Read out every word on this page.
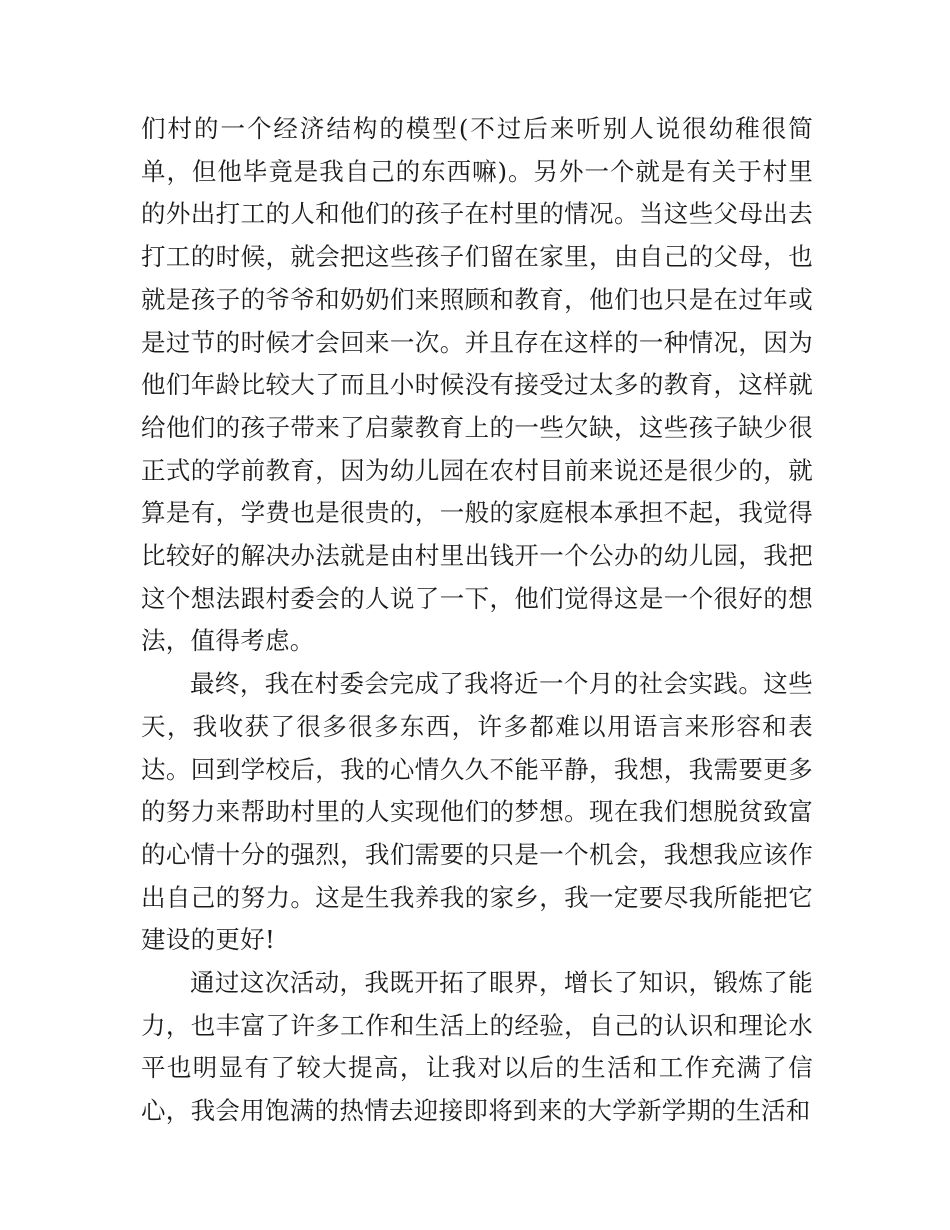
们村的一个经济结构的模型(不过后来听别人说很幼稚很简单，但他毕竟是我自己的东西嘛)。另外一个就是有关于村里的外出打工的人和他们的孩子在村里的情况。当这些父母出去打工的时候，就会把这些孩子们留在家里，由自己的父母，也就是孩子的爷爷和奶奶们来照顾和教育，他们也只是在过年或是过节的时候才会回来一次。并且存在这样的一种情况，因为他们年龄比较大了而且小时候没有接受过太多的教育，这样就给他们的孩子带来了启蒙教育上的一些欠缺，这些孩子缺少很正式的学前教育，因为幼儿园在农村目前来说还是很少的，就算是有，学费也是很贵的，一般的家庭根本承担不起，我觉得比较好的解决办法就是由村里出钱开一个公办的幼儿园，我把这个想法跟村委会的人说了一下，他们觉得这是一个很好的想法，值得考虑。

最终，我在村委会完成了我将近一个月的社会实践。这些天，我收获了很多很多东西，许多都难以用语言来形容和表达。回到学校后，我的心情久久不能平静，我想，我需要更多的努力来帮助村里的人实现他们的梦想。现在我们想脱贫致富的心情十分的强烈，我们需要的只是一个机会，我想我应该作出自己的努力。这是生我养我的家乡，我一定要尽我所能把它建设的更好!

通过这次活动，我既开拓了眼界，增长了知识，锻炼了能力，也丰富了许多工作和生活上的经验，自己的认识和理论水平也明显有了较大提高，让我对以后的生活和工作充满了信心，我会用饱满的热情去迎接即将到来的大学新学期的生活和
